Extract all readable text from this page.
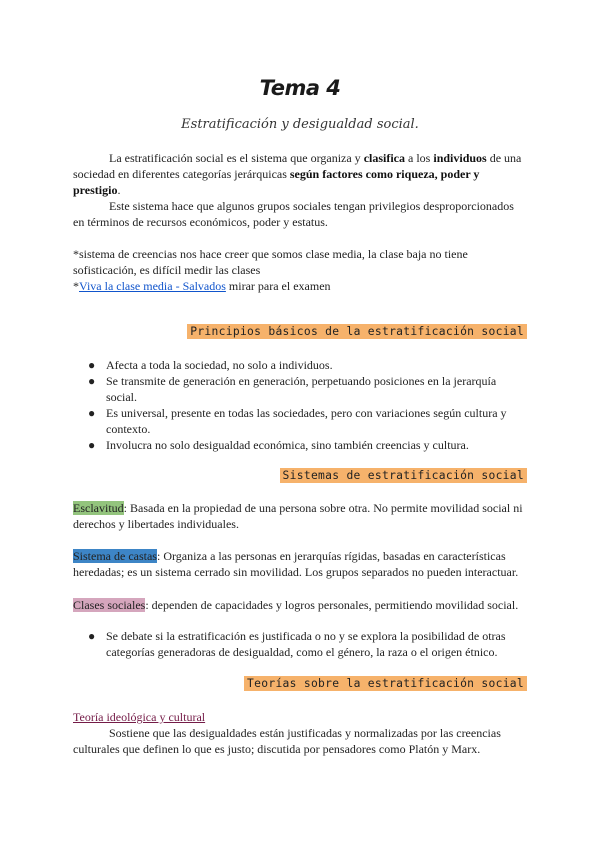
Tema 4
Estratificación y desigualdad social.
La estratificación social es el sistema que organiza y clasifica a los individuos de una sociedad en diferentes categorías jerárquicas según factores como riqueza, poder y prestigio.
Este sistema hace que algunos grupos sociales tengan privilegios desproporcionados en términos de recursos económicos, poder y estatus.
*sistema de creencias nos hace creer que somos clase media, la clase baja no tiene sofisticación, es difícil medir las clases
*Viva la clase media - Salvados mirar para el examen
Principios básicos de la estratificación social
● Afecta a toda la sociedad, no solo a individuos.
● Se transmite de generación en generación, perpetuando posiciones en la jerarquía social.
● Es universal, presente en todas las sociedades, pero con variaciones según cultura y contexto.
● Involucra no solo desigualdad económica, sino también creencias y cultura.
Sistemas de estratificación social
Esclavitud: Basada en la propiedad de una persona sobre otra. No permite movilidad social ni derechos y libertades individuales.
Sistema de castas: Organiza a las personas en jerarquías rígidas, basadas en características heredadas; es un sistema cerrado sin movilidad. Los grupos separados no pueden interactuar.
Clases sociales: dependen de capacidades y logros personales, permitiendo movilidad social.
● Se debate si la estratificación es justificada o no y se explora la posibilidad de otras categorías generadoras de desigualdad, como el género, la raza o el origen étnico.
Teorías sobre la estratificación social
Teoría ideológica y cultural
Sostiene que las desigualdades están justificadas y normalizadas por las creencias culturales que definen lo que es justo; discutida por pensadores como Platón y Marx.
